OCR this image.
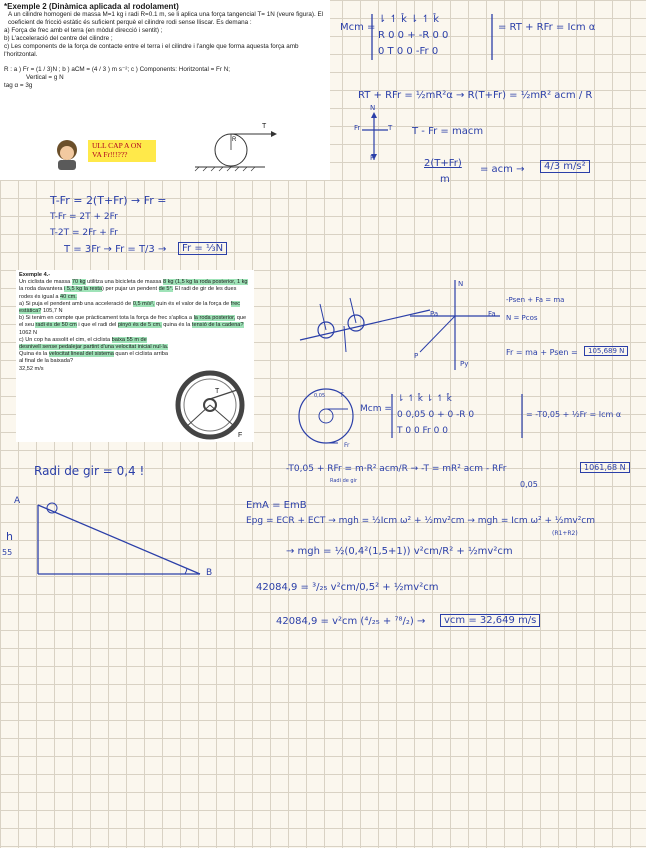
*Exemple 2 (Dinàmica aplicada al rodolament)
A un cilindre homogeni de massa M=1 kg i radi R=0.1 m, se li aplica una força tangencial T= 1N (veure figura). El coeficient de fricció estàtic és suficient perquè el cilindre rodi sense lliscar. Es demana :
a) Força de frec amb el terra (en mòdul direcció i sentit) ;
b) L'acceleració del centre del cilindre ;
c) Les components de la força de contacte entre el terra i el cilindre i l'angle que forma aquesta força amb l'horitzontal.
R : a ) Fr = (1 / 3)N ; b ) aCM = (4 / 3 ) m s⁻²; c ) Components: Horitzontal = Fr N;
Vertical = g N
tag α = 3g
ULL CAP A ON VA Fr!!!???
T
R
Mcm =
⇂ ↿ k̂ ⇂ ↿ k̂
R 0 0 + -R 0 0
0 T 0 0 -Fr 0
= RT + RFr = Icm α
RT + RFr = ½mR²α → R(T+Fr) = ½mR² acm / R
N
Fr	T
P
T - Fr = macm
2(T+Fr)
m
= acm →	4/3 m/s²
T-Fr = 2(T+Fr) → Fr =
T-Fr = 2T + 2Fr
T-2T = 2Fr + Fr
T = 3Fr → Fr = T/3 →	Fr = ⅓N
Exemple 4.-
Un ciclista de massa 70 kg utilitza una bicicleta de massa 8 kg (1,5 kg la roda posterior, 1 kg la roda davantera i 5,5 kg la resta) per pujar un pendent de 5°. El radi de gir de les dues rodes és igual a 40 cm.
a) Si puja el pendent amb una acceleració de 0,5 m/s², quin és el valor de la força de frec estàtica? 105,7 N
b) Si tenim en compte que pràcticament tota la força de frec s'aplica a la roda posterior, que el seu radi és de 50 cm i que el radi del pinyó és de 5 cm, quina és la tensió de la cadena? 1062 N
c) Un cop ha assolit el cim, el ciclista baixa 55 m de desnivell sense pedalejar partint d'una velocitat inicial nul·la. Quina és la velocitat lineal del sistema quan el ciclista arriba al final de la baixada?
32,52 m/s
T
F
N
Pa	Fa
P
Py
-Psen + Fa = ma
N = Pcos
Fr = ma + Psen =	105,689 N
0,05 T
Fr
Mcm =
⇂ ↿ k̂ ⇂ ↿ k̂
0 0,05 0 + 0 -R 0
T 0 0 Fr 0 0
= -T0,05 + ½Fr = Icm α
Radi de gir = 0,4 !	-T0,05 + RFr = m·R² acm/R → -T = mR² acm - RFr
Radi de gir	0,05
1061,68 N
A
B
h
55
EmA = EmB
Epg = ECR + ECT → mgh = ½Icm ω² + ½mv²cm → mgh = Icm ω² + ½mv²cm
(R1+R2)
→ mgh = ½(0,4²(1,5+1)) v²cm/R² + ½mv²cm
42084,9 = ³/₂₅ v²cm/0,5² + ½mv²cm
42084,9 = v²cm (⁴/₂₅ + ⁷⁸/₂) →	vcm = 32,649 m/s
